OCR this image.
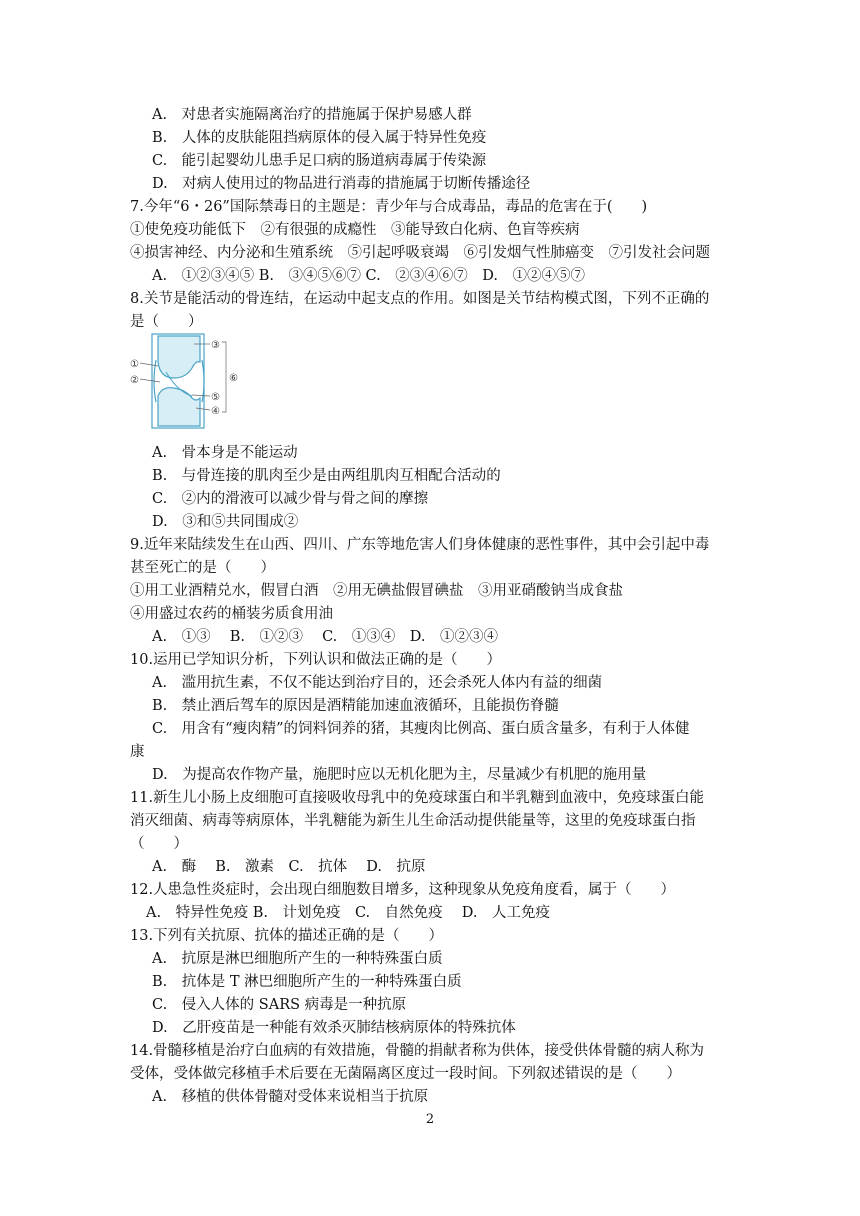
A.　对患者实施隔离治疗的措施属于保护易感人群
B.　人体的皮肤能阻挡病原体的侵入属于特异性免疫
C.　能引起婴幼儿患手足口病的肠道病毒属于传染源
D.　对病人使用过的物品进行消毒的措施属于切断传播途径
7.今年“6・26”国际禁毒日的主题是：青少年与合成毒品，毒品的危害在于(　　)
①使免疫功能低下　②有很强的成瘾性　③能导致白化病、色盲等疾病
④损害神经、内分泌和生殖系统　⑤引起呼吸衰竭　⑥引发烟气性肺癌变　⑦引发社会问题
A.　①②③④⑤ B.　③④⑤⑥⑦ C.　②③④⑥⑦　D.　①②④⑤⑦
8.关节是能活动的骨连结，在运动中起支点的作用。如图是关节结构模式图，下列不正确的
是（　　）
①
②
③
⑤
④
⑥
A.　骨本身是不能运动
B.　与骨连接的肌肉至少是由两组肌肉互相配合活动的
C.　②内的滑液可以减少骨与骨之间的摩擦
D.　③和⑤共同围成②
9.近年来陆续发生在山西、四川、广东等地危害人们身体健康的恶性事件，其中会引起中毒
甚至死亡的是（　　）
①用工业酒精兑水，假冒白酒　②用无碘盐假冒碘盐　③用亚硝酸钠当成食盐
④用盛过农药的桶装劣质食用油
A.　①③　 B.　①②③　 C.　①③④　D.　①②③④
10.运用已学知识分析，下列认识和做法正确的是（　　）
A.　滥用抗生素，不仅不能达到治疗目的，还会杀死人体内有益的细菌
B.　禁止酒后驾车的原因是酒精能加速血液循环，且能损伤脊髓
C.　用含有“瘦肉精”的饲料饲养的猪，其瘦肉比例高、蛋白质含量多，有利于人体健
康
D.　为提高农作物产量，施肥时应以无机化肥为主，尽量减少有机肥的施用量
11.新生儿小肠上皮细胞可直接吸收母乳中的免疫球蛋白和半乳糖到血液中，免疫球蛋白能
消灭细菌、病毒等病原体，半乳糖能为新生儿生命活动提供能量等，这里的免疫球蛋白指
（　　）
A.　酶　 B.　激素　C.　抗体　 D.　抗原
12.人患急性炎症时，会出现白细胞数目增多，这种现象从免疫角度看，属于（　　）
A.　特异性免疫 B.　计划免疫　C.　自然免疫　 D.　人工免疫
13.下列有关抗原、抗体的描述正确的是（　　）
A.　抗原是淋巴细胞所产生的一种特殊蛋白质
B.　抗体是 T 淋巴细胞所产生的一种特殊蛋白质
C.　侵入人体的 SARS 病毒是一种抗原
D.　乙肝疫苗是一种能有效杀灭肺结核病原体的特殊抗体
14.骨髓移植是治疗白血病的有效措施，骨髓的捐献者称为供体，接受供体骨髓的病人称为
受体，受体做完移植手术后要在无菌隔离区度过一段时间。下列叙述错误的是（　　）
A.　移植的供体骨髓对受体来说相当于抗原
2
